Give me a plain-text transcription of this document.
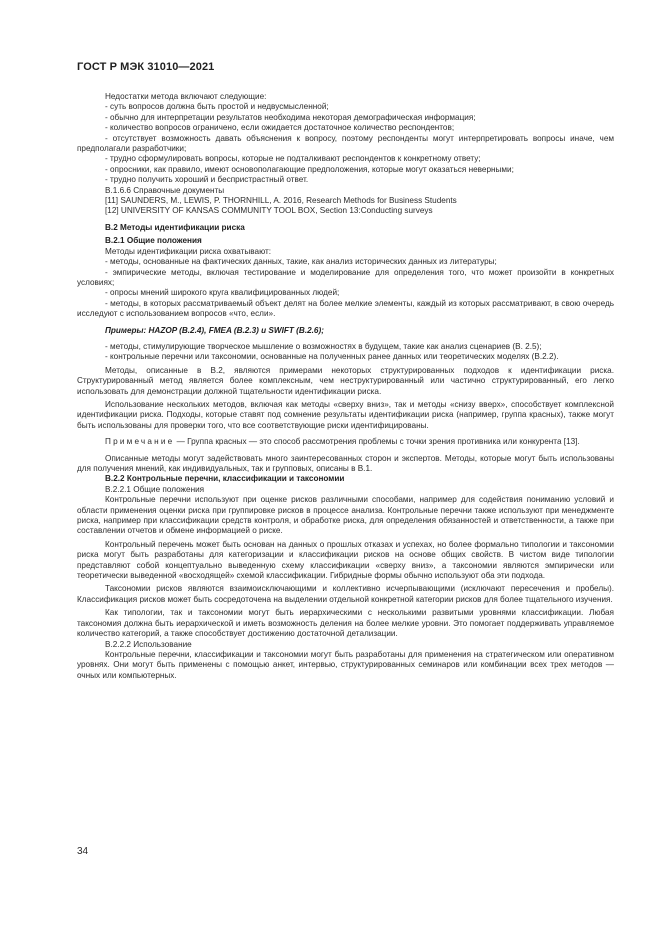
ГОСТ Р МЭК 31010—2021

Недостатки метода включают следующие:

- суть вопросов должна быть простой и недвусмысленной;

- обычно для интерпретации результатов необходима некоторая демографическая информация;

- количество вопросов ограничено, если ожидается достаточное количество респондентов;

- отсутствует возможность давать объяснения к вопросу, поэтому респонденты могут интерпретировать вопросы иначе, чем предполагали разработчики;

- трудно сформулировать вопросы, которые не подталкивают респондентов к конкретному ответу;

- опросники, как правило, имеют основополагающие предположения, которые могут оказаться неверными;

- трудно получить хороший и беспристрастный ответ.

В.1.6.6 Справочные документы

[11] SAUNDERS, M., LEWIS, P. THORNHILL, A. 2016, Research Methods for Business Students

[12] UNIVERSITY OF KANSAS COMMUNITY TOOL BOX, Section 13:Conducting surveys

В.2 Методы идентификации риска

В.2.1 Общие положения

Методы идентификации риска охватывают:

- методы, основанные на фактических данных, такие, как анализ исторических данных из литературы;

- эмпирические методы, включая тестирование и моделирование для определения того, что может произойти в конкретных условиях;

- опросы мнений широкого круга квалифицированных людей;

- методы, в которых рассматриваемый объект делят на более мелкие элементы, каждый из которых рассматривают, в свою очередь исследуют с использованием вопросов «что, если».

Примеры: HAZOP (В.2.4), FMEA (В.2.3) и SWIFT (В.2.6);

- методы, стимулирующие творческое мышление о возможностях в будущем, такие как анализ сценариев (В. 2.5);

- контрольные перечни или таксономии, основанные на полученных ранее данных или теоретических моделях (В.2.2).

Методы, описанные в В.2, являются примерами некоторых структурированных подходов к идентификации риска. Структурированный метод является более комплексным, чем неструктурированный или частично структурированный, его легко использовать для демонстрации должной тщательности идентификации риска.

Использование нескольких методов, включая как методы «сверху вниз», так и методы «снизу вверх», способствует комплексной идентификации риска. Подходы, которые ставят под сомнение результаты идентификации риска (например, группа красных), также могут быть использованы для проверки того, что все соответствующие риски идентифицированы.

Примечание — Группа красных — это способ рассмотрения проблемы с точки зрения противника или конкурента [13].

Описанные методы могут задействовать много заинтересованных сторон и экспертов. Методы, которые могут быть использованы для получения мнений, как индивидуальных, так и групповых, описаны в В.1.

В.2.2 Контрольные перечни, классификации и таксономии

В.2.2.1 Общие положения

Контрольные перечни используют при оценке рисков различными способами, например для содействия пониманию условий и области применения оценки риска при группировке рисков в процессе анализа. Контрольные перечни также используют при менеджменте риска, например при классификации средств контроля, и обработке риска, для определения обязанностей и ответственности, а также при составлении отчетов и обмене информацией о риске.

Контрольный перечень может быть основан на данных о прошлых отказах и успехах, но более формально типологии и таксономии риска могут быть разработаны для категоризации и классификации рисков на основе общих свойств. В чистом виде типологии представляют собой концептуально выведенную схему классификации «сверху вниз», а таксономии являются эмпирически или теоретически выведенной «восходящей» схемой классификации. Гибридные формы обычно используют оба эти подхода.

Таксономии рисков являются взаимоисключающими и коллективно исчерпывающими (исключают пересечения и пробелы). Классификация рисков может быть сосредоточена на выделении отдельной конкретной категории рисков для более тщательного изучения.

Как типологии, так и таксономии могут быть иерархическими с несколькими развитыми уровнями классификации. Любая таксономия должна быть иерархической и иметь возможность деления на более мелкие уровни. Это помогает поддерживать управляемое количество категорий, а также способствует достижению достаточной детализации.

В.2.2.2 Использование

Контрольные перечни, классификации и таксономии могут быть разработаны для применения на стратегическом или оперативном уровнях. Они могут быть применены с помощью анкет, интервью, структурированных семинаров или комбинации всех трех методов — очных или компьютерных.

34
